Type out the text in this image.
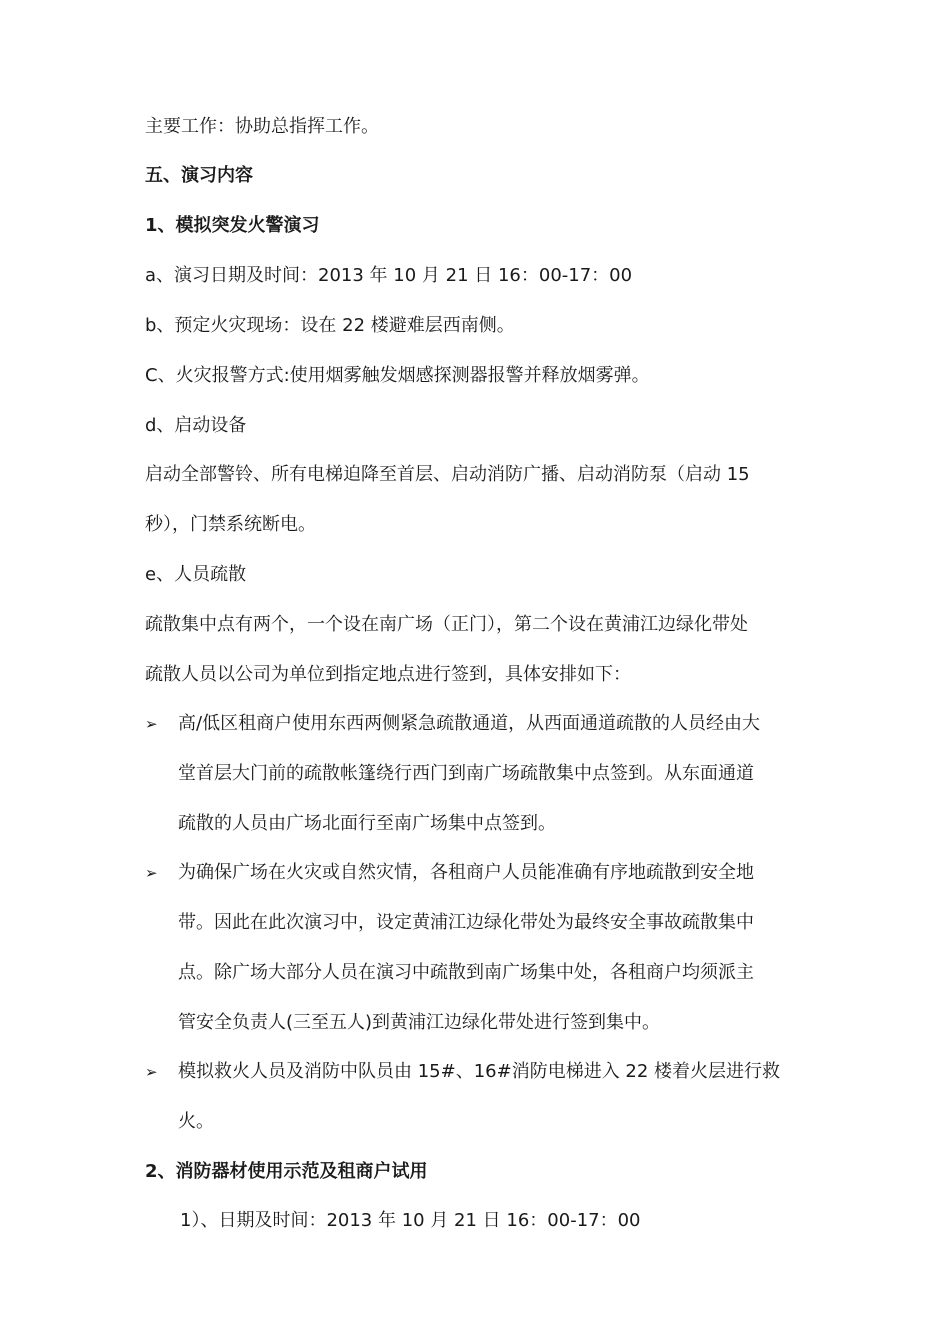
主要工作：协助总指挥工作。
五、演习内容
1、模拟突发火警演习
a、演习日期及时间：2013 年 10 月 21 日 16：00-17：00
b、预定火灾现场：设在 22 楼避难层西南侧。
C、火灾报警方式:使用烟雾触发烟感探测器报警并释放烟雾弹。
d、启动设备
启动全部警铃、所有电梯迫降至首层、启动消防广播、启动消防泵（启动 15
秒），门禁系统断电。
e、人员疏散
疏散集中点有两个，一个设在南广场（正门），第二个设在黄浦江边绿化带处
疏散人员以公司为单位到指定地点进行签到，具体安排如下：
➢ 高/低区租商户使用东西两侧紧急疏散通道，从西面通道疏散的人员经由大
堂首层大门前的疏散帐篷绕行西门到南广场疏散集中点签到。从东面通道
疏散的人员由广场北面行至南广场集中点签到。
➢ 为确保广场在火灾或自然灾情，各租商户人员能准确有序地疏散到安全地
带。因此在此次演习中，设定黄浦江边绿化带处为最终安全事故疏散集中
点。除广场大部分人员在演习中疏散到南广场集中处，各租商户均须派主
管安全负责人(三至五人)到黄浦江边绿化带处进行签到集中。
➢ 模拟救火人员及消防中队员由 15#、16#消防电梯进入 22 楼着火层进行救
火。
2、消防器材使用示范及租商户试用
1）、日期及时间：2013 年 10 月 21 日 16：00-17：00
